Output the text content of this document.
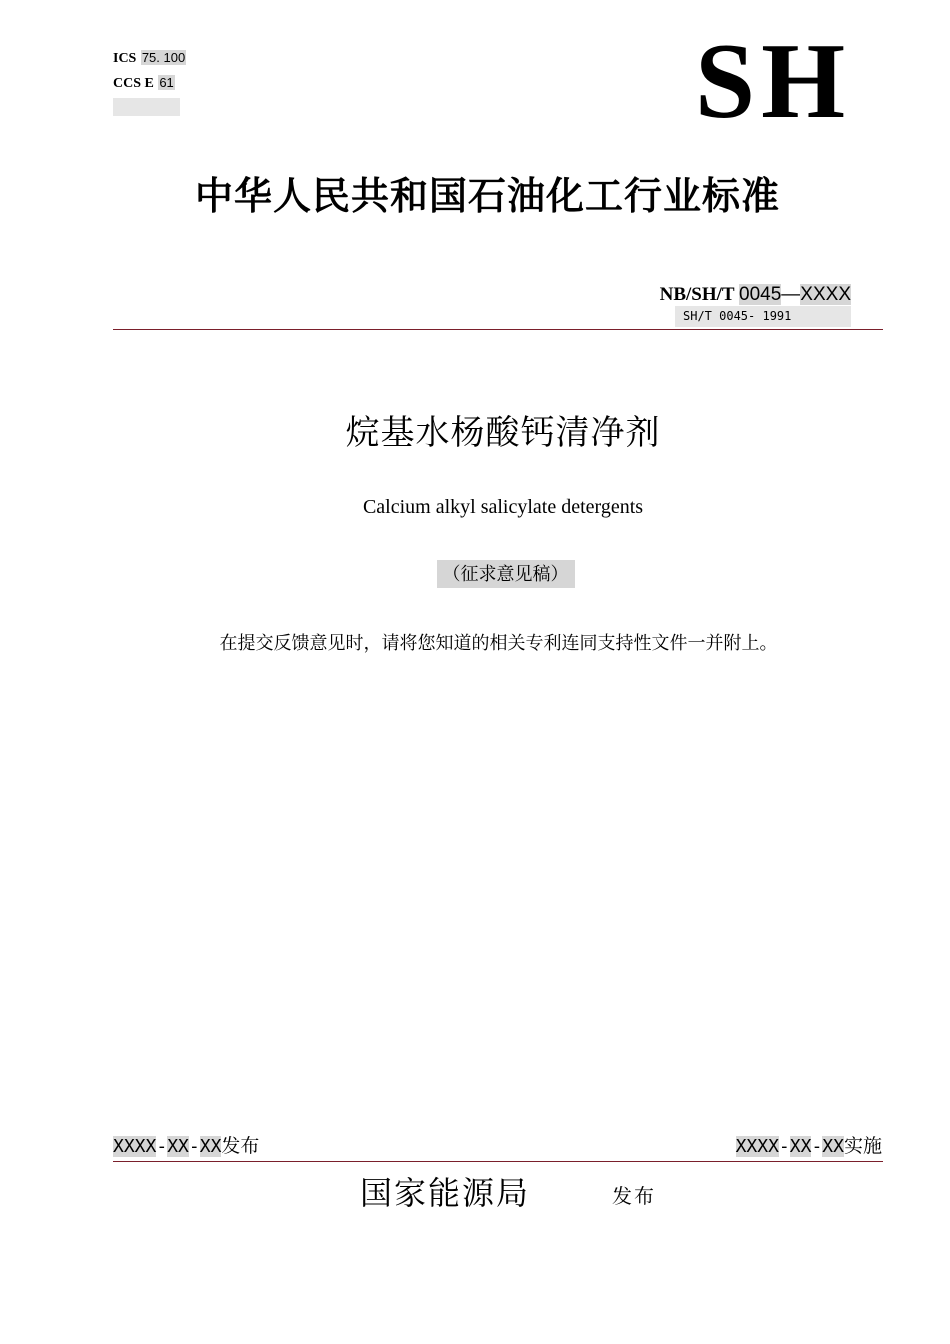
ICS 75. 100
CCS E 61	SH
中华人民共和国石油化工行业标准
NB/SH/T 0045—XXXX
SH/T 0045- 1991
烷基水杨酸钙清净剂
Calcium alkyl salicylate detergents
（征求意见稿）
在提交反馈意见时，请将您知道的相关专利连同支持性文件一并附上。
XXXX-XX-XX发布	XXXX-XX-XX实施
国家能源局	发布
